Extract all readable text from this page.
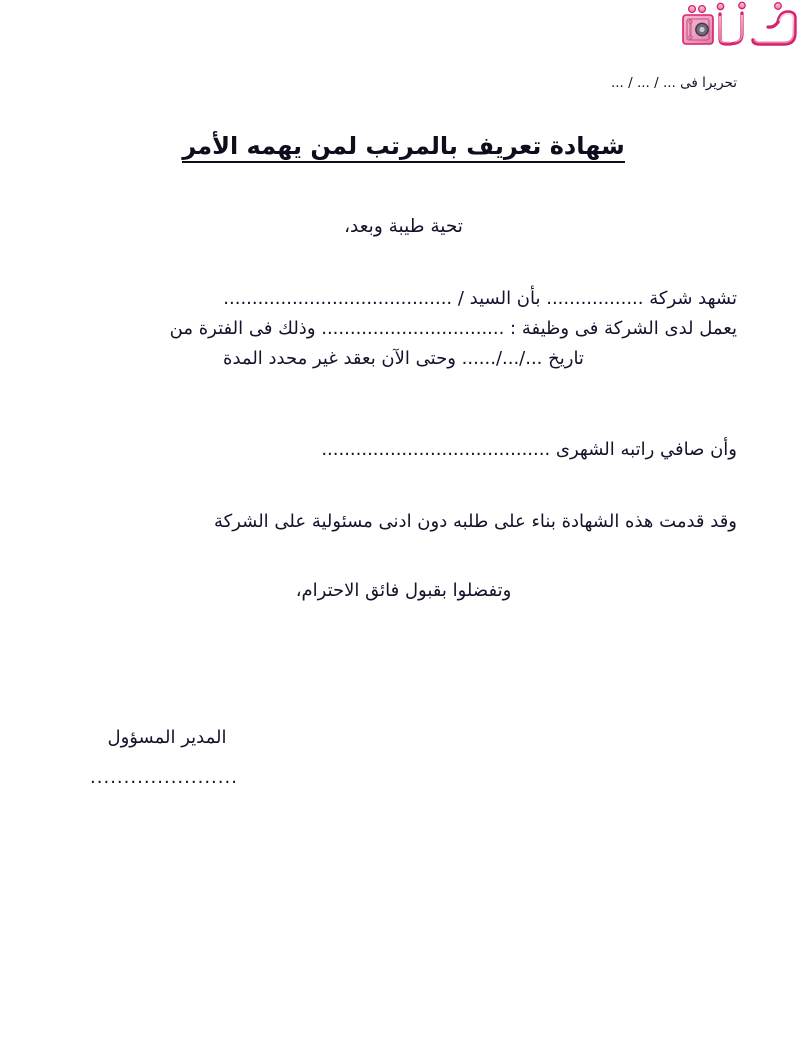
تحريرا فى ... / ... / ...
شهادة تعريف بالمرتب لمن يهمه الأمر
تحية طيبة وبعد،
تشهد شركة ................. بأن السيد / ........................................
يعمل لدى الشركة فى وظيفة : ................................ وذلك فى الفترة من
تاريخ .../.../...... وحتى الآن بعقد غير محدد المدة
وأن صافي راتبه الشهرى ........................................
وقد قدمت هذه الشهادة بناء على طلبه دون ادنى مسئولية على الشركة
وتفضلوا بقبول فائق الاحترام،
المدير المسؤول
......................
